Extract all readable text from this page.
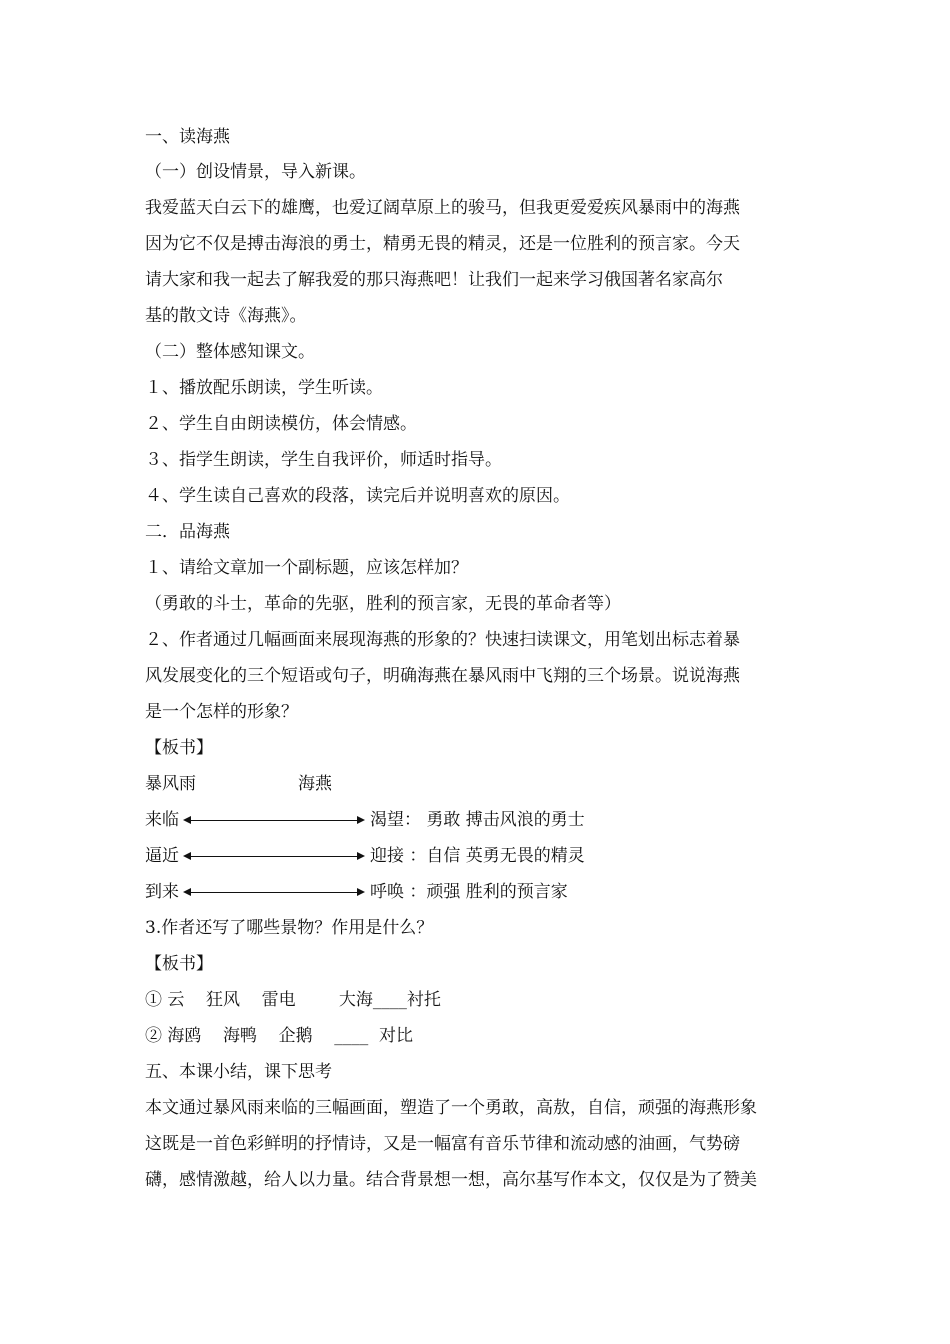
一、读海燕
（一）创设情景，导入新课。
我爱蓝天白云下的雄鹰，也爱辽阔草原上的骏马，但我更爱爱疾风暴雨中的海燕
因为它不仅是搏击海浪的勇士，精勇无畏的精灵，还是一位胜利的预言家。今天
请大家和我一起去了解我爱的那只海燕吧！让我们一起来学习俄国著名家高尔
基的散文诗《海燕》。
（二）整体感知课文。
１、播放配乐朗读，学生听读。
２、学生自由朗读模仿，体会情感。
３、指学生朗读，学生自我评价，师适时指导。
４、学生读自己喜欢的段落，读完后并说明喜欢的原因。
二．品海燕
１、请给文章加一个副标题，应该怎样加？
（勇敢的斗士，革命的先驱，胜利的预言家，无畏的革命者等）
２、作者通过几幅画面来展现海燕的形象的？快速扫读课文，用笔划出标志着暴
风发展变化的三个短语或句子，明确海燕在暴风雨中飞翔的三个场景。说说海燕
是一个怎样的形象？
【板书】
暴风雨	海燕
来临	渴望： 勇敢 搏击风浪的勇士
逼近	迎接 ：自信 英勇无畏的精灵
到来	呼唤 ：顽强 胜利的预言家
3.作者还写了哪些景物？作用是什么？
【板书】
① 云    狂风    雷电        大海____衬托
② 海鸥    海鸭    企鹅    ____  对比
五、本课小结，课下思考
本文通过暴风雨来临的三幅画面，塑造了一个勇敢，高敖，自信，顽强的海燕形象
这既是一首色彩鲜明的抒情诗，又是一幅富有音乐节律和流动感的油画，气势磅
礴，感情激越，给人以力量。结合背景想一想，高尔基写作本文，仅仅是为了赞美
